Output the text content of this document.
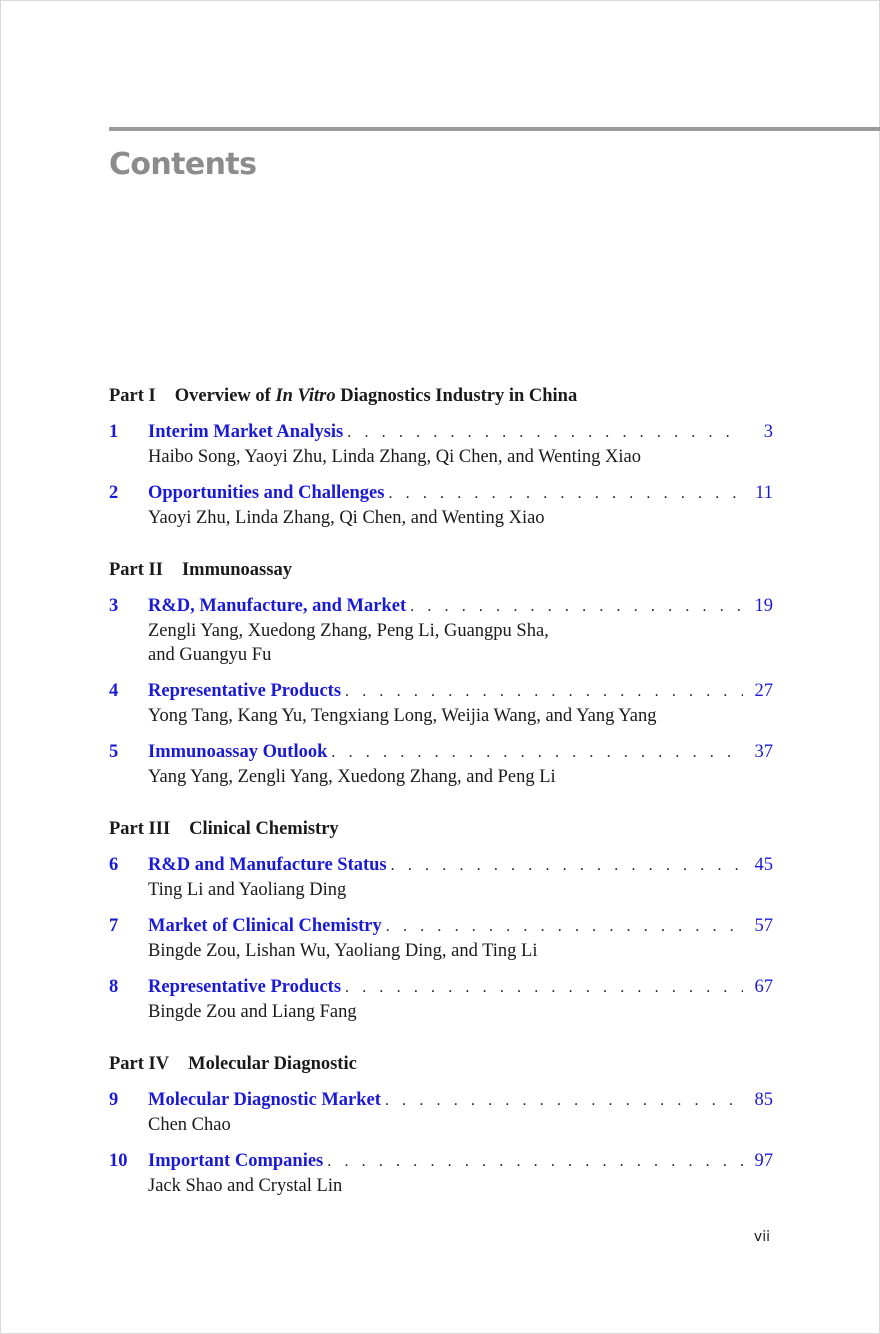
Contents
Part I Overview of In Vitro Diagnostics Industry in China
1 Interim Market Analysis . . .	3
Haibo Song, Yaoyi Zhu, Linda Zhang, Qi Chen, and Wenting Xiao
2 Opportunities and Challenges . . .	11
Yaoyi Zhu, Linda Zhang, Qi Chen, and Wenting Xiao
Part II Immunoassay
3 R&D, Manufacture, and Market . . .	19
Zengli Yang, Xuedong Zhang, Peng Li, Guangpu Sha,
and Guangyu Fu
4 Representative Products . . .	27
Yong Tang, Kang Yu, Tengxiang Long, Weijia Wang, and Yang Yang
5 Immunoassay Outlook . . .	37
Yang Yang, Zengli Yang, Xuedong Zhang, and Peng Li
Part III Clinical Chemistry
6 R&D and Manufacture Status . . .	45
Ting Li and Yaoliang Ding
7 Market of Clinical Chemistry . . .	57
Bingde Zou, Lishan Wu, Yaoliang Ding, and Ting Li
8 Representative Products . . .	67
Bingde Zou and Liang Fang
Part IV Molecular Diagnostic
9 Molecular Diagnostic Market . . .	85
Chen Chao
10 Important Companies . . .	97
Jack Shao and Crystal Lin
vii
